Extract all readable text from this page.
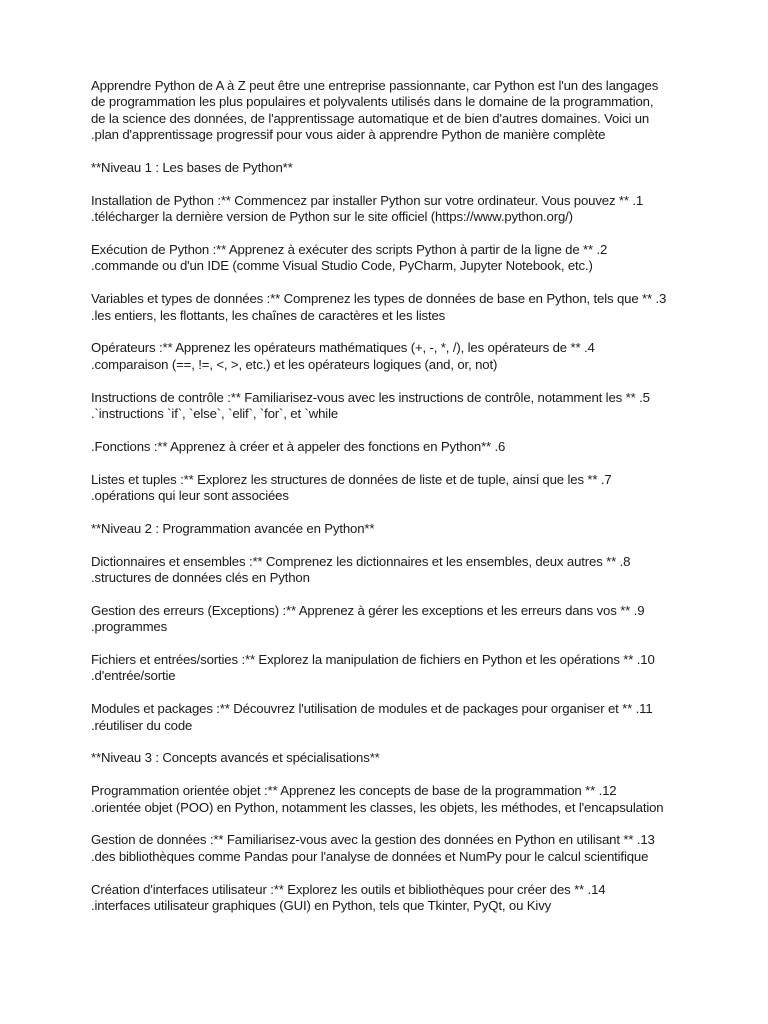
Apprendre Python de A à Z peut être une entreprise passionnante, car Python est l'un des langages
de programmation les plus populaires et polyvalents utilisés dans le domaine de la programmation,
de la science des données, de l'apprentissage automatique et de bien d'autres domaines. Voici un
.plan d'apprentissage progressif pour vous aider à apprendre Python de manière complète
**Niveau 1 : Les bases de Python**
Installation de Python :** Commencez par installer Python sur votre ordinateur. Vous pouvez ** .1
.télécharger la dernière version de Python sur le site officiel (https://www.python.org/)
Exécution de Python :** Apprenez à exécuter des scripts Python à partir de la ligne de ** .2
.commande ou d'un IDE (comme Visual Studio Code, PyCharm, Jupyter Notebook, etc.)
Variables et types de données :** Comprenez les types de données de base en Python, tels que ** .3
.les entiers, les flottants, les chaînes de caractères et les listes
Opérateurs :** Apprenez les opérateurs mathématiques (+, -, *, /), les opérateurs de ** .4
.comparaison (==, !=, <, >, etc.) et les opérateurs logiques (and, or, not)
Instructions de contrôle :** Familiarisez-vous avec les instructions de contrôle, notamment les ** .5
.`instructions `if`, `else`, `elif`, `for`, et `while
.Fonctions :** Apprenez à créer et à appeler des fonctions en Python** .6
Listes et tuples :** Explorez les structures de données de liste et de tuple, ainsi que les ** .7
.opérations qui leur sont associées
**Niveau 2 : Programmation avancée en Python**
Dictionnaires et ensembles :** Comprenez les dictionnaires et les ensembles, deux autres ** .8
.structures de données clés en Python
Gestion des erreurs (Exceptions) :** Apprenez à gérer les exceptions et les erreurs dans vos ** .9
.programmes
Fichiers et entrées/sorties :** Explorez la manipulation de fichiers en Python et les opérations ** .10
.d'entrée/sortie
Modules et packages :** Découvrez l'utilisation de modules et de packages pour organiser et ** .11
.réutiliser du code
**Niveau 3 : Concepts avancés et spécialisations**
Programmation orientée objet :** Apprenez les concepts de base de la programmation ** .12
.orientée objet (POO) en Python, notamment les classes, les objets, les méthodes, et l'encapsulation
Gestion de données :** Familiarisez-vous avec la gestion des données en Python en utilisant ** .13
.des bibliothèques comme Pandas pour l'analyse de données et NumPy pour le calcul scientifique
Création d'interfaces utilisateur :** Explorez les outils et bibliothèques pour créer des ** .14
.interfaces utilisateur graphiques (GUI) en Python, tels que Tkinter, PyQt, ou Kivy
